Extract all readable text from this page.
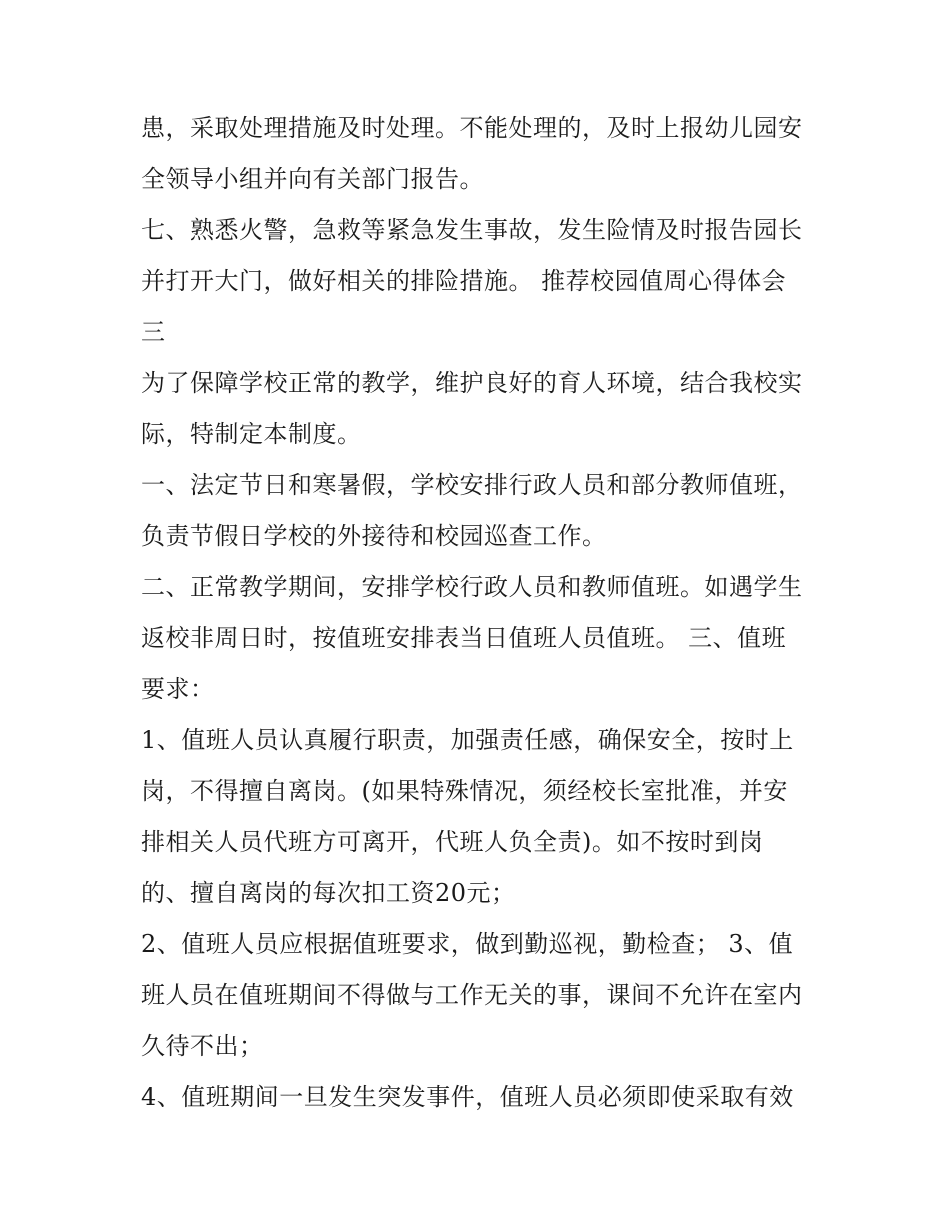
患，采取处理措施及时处理。不能处理的，及时上报幼儿园安
全领导小组并向有关部门报告。
七、熟悉火警，急救等紧急发生事故，发生险情及时报告园长
并打开大门，做好相关的排险措施。 推荐校园值周心得体会
三
为了保障学校正常的教学，维护良好的育人环境，结合我校实
际，特制定本制度。
一、法定节日和寒暑假，学校安排行政人员和部分教师值班，
负责节假日学校的外接待和校园巡查工作。
二、正常教学期间，安排学校行政人员和教师值班。如遇学生
返校非周日时，按值班安排表当日值班人员值班。 三、值班
要求：
1、值班人员认真履行职责，加强责任感，确保安全，按时上
岗，不得擅自离岗。(如果特殊情况，须经校长室批准，并安
排相关人员代班方可离开，代班人负全责)。如不按时到岗
的、擅自离岗的每次扣工资20元；
2、值班人员应根据值班要求，做到勤巡视，勤检查； 3、值
班人员在值班期间不得做与工作无关的事，课间不允许在室内
久待不出；
4、值班期间一旦发生突发事件，值班人员必须即使采取有效
